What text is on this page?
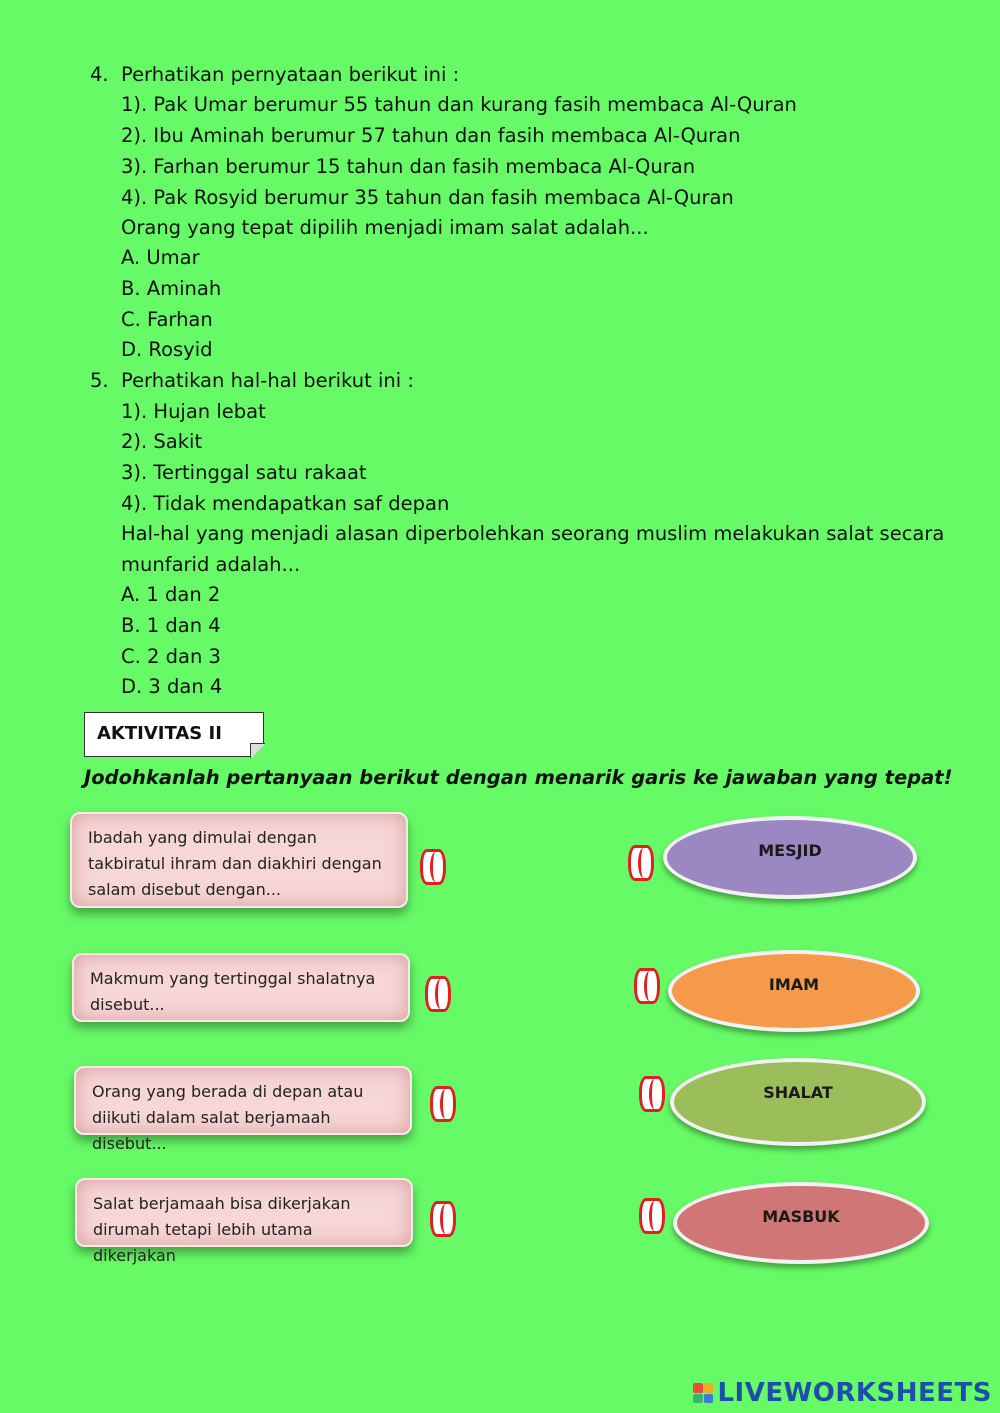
4. Perhatikan pernyataan berikut ini :
1). Pak Umar berumur 55 tahun dan kurang fasih membaca Al-Quran
2). Ibu Aminah berumur 57 tahun dan fasih membaca Al-Quran
3). Farhan berumur 15 tahun dan fasih membaca Al-Quran
4). Pak Rosyid berumur 35 tahun dan fasih membaca Al-Quran
Orang yang tepat dipilih menjadi imam salat adalah...
A. Umar
B. Aminah
C. Farhan
D. Rosyid
5. Perhatikan hal-hal berikut ini :
1). Hujan lebat
2). Sakit
3). Tertinggal satu rakaat
4). Tidak mendapatkan saf depan
Hal-hal yang menjadi alasan diperbolehkan seorang muslim melakukan salat secara
munfarid adalah...
A. 1 dan 2
B. 1 dan 4
C. 2 dan 3
D. 3 dan 4
AKTIVITAS II
Jodohkanlah pertanyaan berikut dengan menarik garis ke jawaban yang tepat!
Ibadah yang dimulai dengan takbiratul ihram dan diakhiri dengan salam disebut dengan...
Makmum yang tertinggal shalatnya disebut...
Orang yang berada di depan atau diikuti dalam salat berjamaah disebut...
Salat berjamaah bisa dikerjakan dirumah tetapi lebih utama dikerjakan
MESJID
IMAM
SHALAT
MASBUK
LIVEWORKSHEETS
